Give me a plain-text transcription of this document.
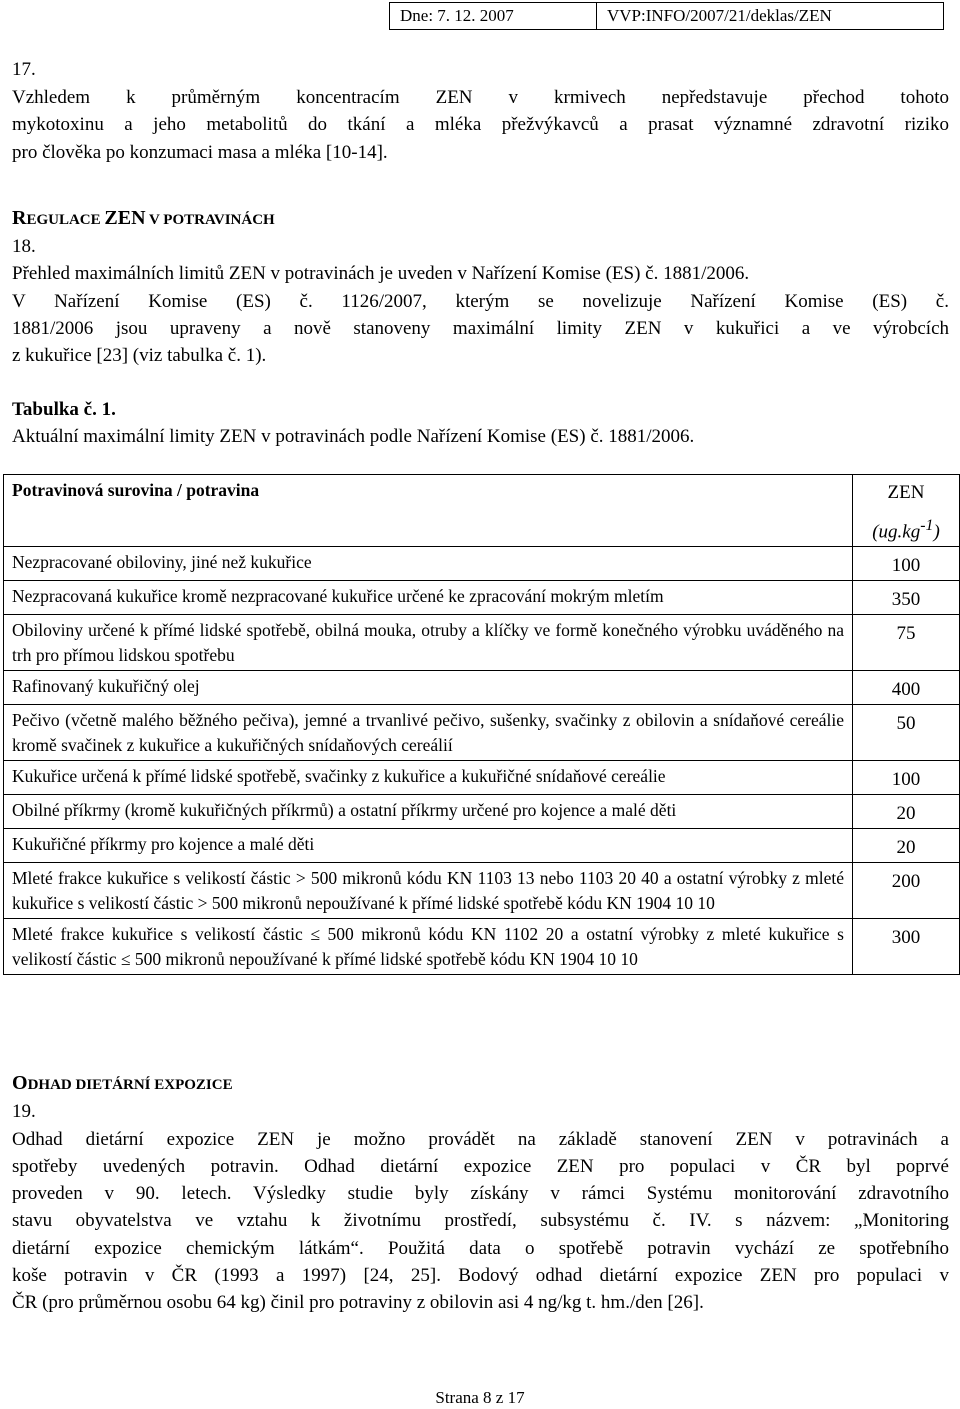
Dne: 7. 12. 2007	VVP:INFO/2007/21/deklas/ZEN
17.
Vzhledem k průměrným koncentracím ZEN v krmivech nepředstavuje přechod tohoto
mykotoxinu a jeho metabolitů do tkání a mléka přežvýkavců a prasat významné zdravotní riziko
pro člověka po konzumaci masa a mléka [10-14].
REGULACE ZEN V POTRAVINÁCH
18.
Přehled maximálních limitů ZEN v potravinách je uveden v Nařízení Komise (ES) č. 1881/2006.
V Nařízení Komise (ES) č. 1126/2007, kterým se novelizuje Nařízení Komise (ES) č.
1881/2006 jsou upraveny a nově stanoveny maximální limity ZEN v kukuřici a ve výrobcích
z kukuřice [23] (viz tabulka č. 1).
Tabulka č. 1.
Aktuální maximální limity ZEN v potravinách podle Nařízení Komise (ES) č. 1881/2006.
Potravinová surovina / potravina	ZEN
$(ug.kg^{-1})$

Nezpracované obiloviny, jiné než kukuřice	100
Nezpracovaná kukuřice kromě nezpracované kukuřice určené ke zpracování mokrým mletím	350
Obiloviny určené k přímé lidské spotřebě, obilná mouka, otruby a klíčky ve formě konečného výrobku uváděného na trh pro přímou lidskou spotřebu	75
Rafinovaný kukuřičný olej	400
Pečivo (včetně malého běžného pečiva), jemné a trvanlivé pečivo, sušenky, svačinky z obilovin a snídaňové cereálie kromě svačinek z kukuřice a kukuřičných snídaňových cereálií	50
Kukuřice určená k přímé lidské spotřebě, svačinky z kukuřice a kukuřičné snídaňové cereálie	100
Obilné příkrmy (kromě kukuřičných příkrmů) a ostatní příkrmy určené pro kojence a malé děti	20
Kukuřičné příkrmy pro kojence a malé děti	20
Mleté frakce kukuřice s velikostí částic > 500 mikronů kódu KN 1103 13 nebo 1103 20 40 a ostatní výrobky z mleté kukuřice s velikostí částic > 500 mikronů nepoužívané k přímé lidské spotřebě kódu KN 1904 10 10	200
Mleté frakce kukuřice s velikostí částic ≤ 500 mikronů kódu KN 1102 20 a ostatní výrobky z mleté kukuřice s velikostí částic ≤ 500 mikronů nepoužívané k přímé lidské spotřebě kódu KN 1904 10 10	300
ODHAD DIETÁRNÍ EXPOZICE
19.
Odhad dietární expozice ZEN je možno provádět na základě stanovení ZEN v potravinách a
spotřeby uvedených potravin. Odhad dietární expozice ZEN pro populaci v ČR byl poprvé
proveden v 90. letech. Výsledky studie byly získány v rámci Systému monitorování zdravotního
stavu obyvatelstva ve vztahu k životnímu prostředí, subsystému č. IV. s názvem: „Monitoring
dietární expozice chemickým látkám“. Použitá data o spotřebě potravin vychází ze spotřebního
koše potravin v ČR (1993 a 1997) [24, 25]. Bodový odhad dietární expozice ZEN pro populaci v
ČR (pro průměrnou osobu 64 kg) činil pro potraviny z obilovin asi 4 ng/kg t. hm./den [26].
Strana 8 z 17
